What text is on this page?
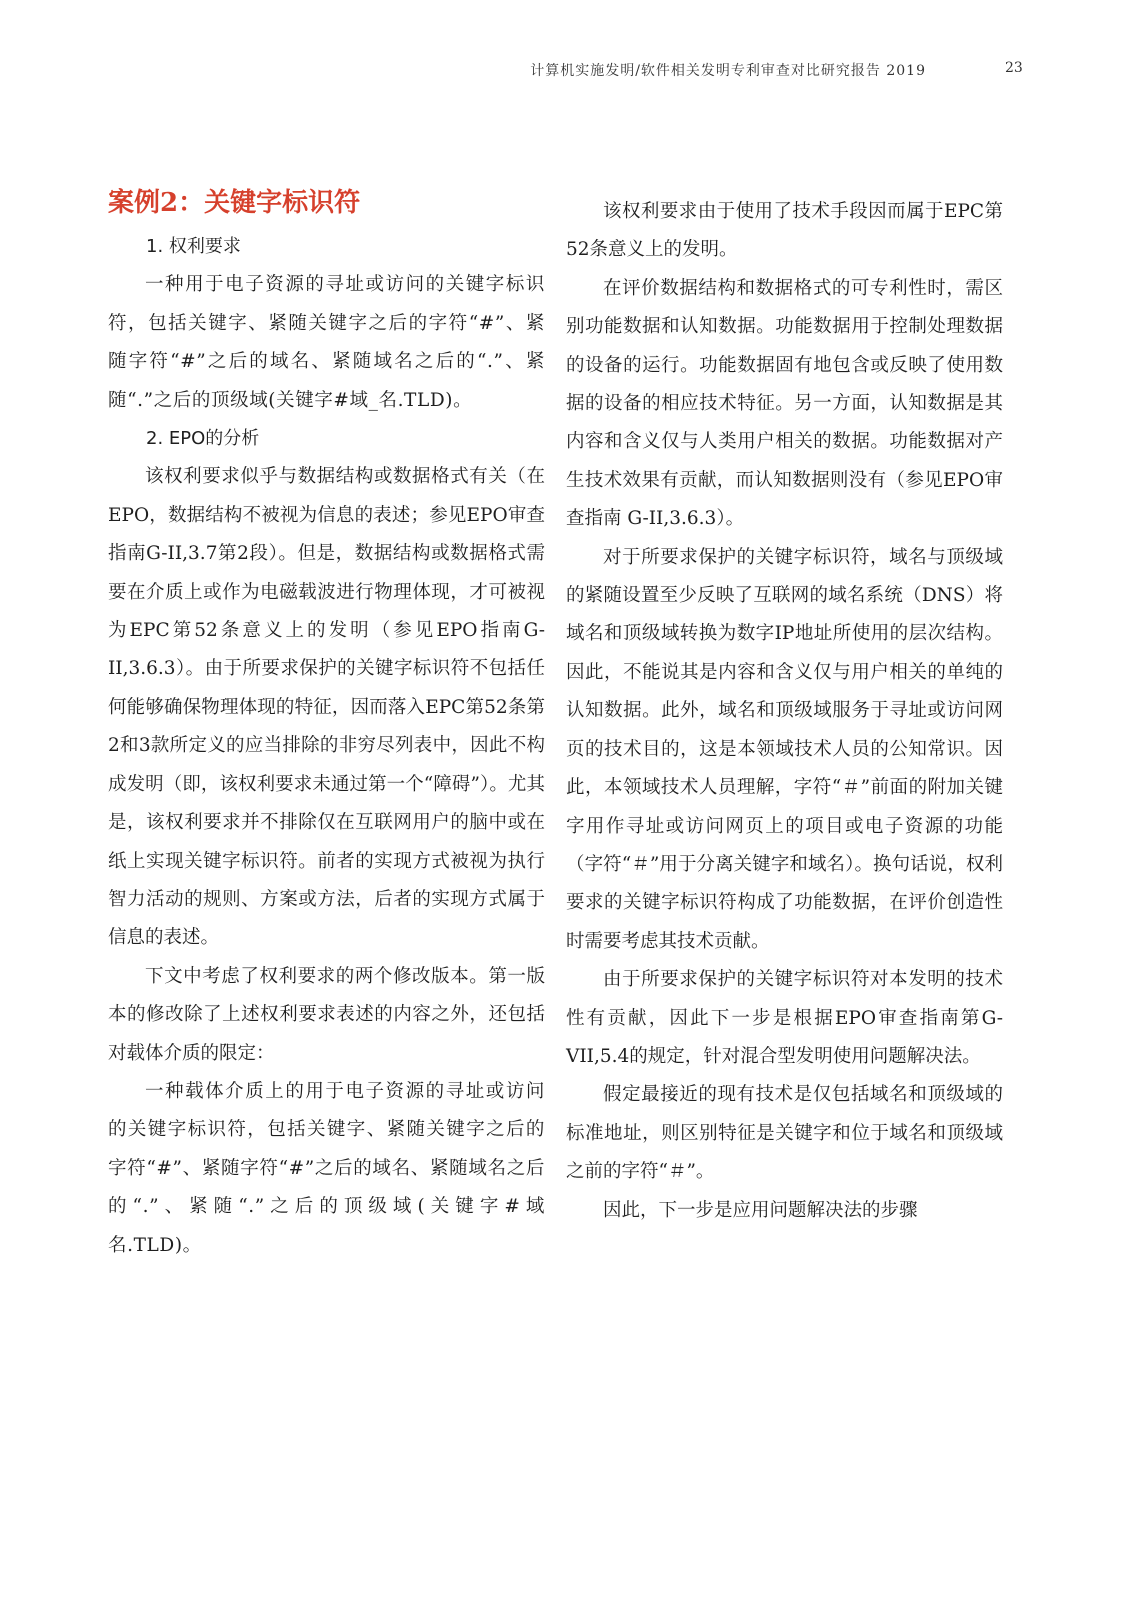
计算机实施发明/软件相关发明专利审查对比研究报告 2019	23
案例2：关键字标识符

1. 权利要求

一种用于电子资源的寻址或访问的关键字标识符，包括关键字、紧随关键字之后的字符“#”、紧随字符“#”之后的域名、紧随域名之后的“.”、紧随“.”之后的顶级域(关键字#域_名.TLD)。

2. EPO的分析

该权利要求似乎与数据结构或数据格式有关（在EPO，数据结构不被视为信息的表述；参见EPO审查指南G-II,3.7第2段）。但是，数据结构或数据格式需要在介质上或作为电磁载波进行物理体现，才可被视为EPC第52条意义上的发明（参见EPO指南G-II,3.6.3）。由于所要求保护的关键字标识符不包括任何能够确保物理体现的特征，因而落入EPC第52条第2和3款所定义的应当排除的非穷尽列表中，因此不构成发明（即，该权利要求未通过第一个“障碍”）。尤其是，该权利要求并不排除仅在互联网用户的脑中或在纸上实现关键字标识符。前者的实现方式被视为执行智力活动的规则、方案或方法，后者的实现方式属于信息的表述。

下文中考虑了权利要求的两个修改版本。第一版本的修改除了上述权利要求表述的内容之外，还包括对载体介质的限定：

一种载体介质上的用于电子资源的寻址或访问的关键字标识符，包括关键字、紧随关键字之后的字符“#”、紧随字符“#”之后的域名、紧随域名之后的“.”、紧随“.”之后的顶级域(关键字#域名.TLD)。

该权利要求由于使用了技术手段因而属于EPC第52条意义上的发明。

在评价数据结构和数据格式的可专利性时，需区别功能数据和认知数据。功能数据用于控制处理数据的设备的运行。功能数据固有地包含或反映了使用数据的设备的相应技术特征。另一方面，认知数据是其内容和含义仅与人类用户相关的数据。功能数据对产生技术效果有贡献，而认知数据则没有（参见EPO审查指南 G-II,3.6.3）。

对于所要求保护的关键字标识符，域名与顶级域的紧随设置至少反映了互联网的域名系统（DNS）将域名和顶级域转换为数字IP地址所使用的层次结构。因此，不能说其是内容和含义仅与用户相关的单纯的认知数据。此外，域名和顶级域服务于寻址或访问网页的技术目的，这是本领域技术人员的公知常识。因此，本领域技术人员理解，字符“＃”前面的附加关键字用作寻址或访问网页上的项目或电子资源的功能（字符“＃”用于分离关键字和域名）。换句话说，权利要求的关键字标识符构成了功能数据，在评价创造性时需要考虑其技术贡献。

由于所要求保护的关键字标识符对本发明的技术性有贡献，因此下一步是根据EPO审查指南第G-VII,5.4的规定，针对混合型发明使用问题解决法。

假定最接近的现有技术是仅包括域名和顶级域的标准地址，则区别特征是关键字和位于域名和顶级域之前的字符“＃”。

因此，下一步是应用问题解决法的步骤
